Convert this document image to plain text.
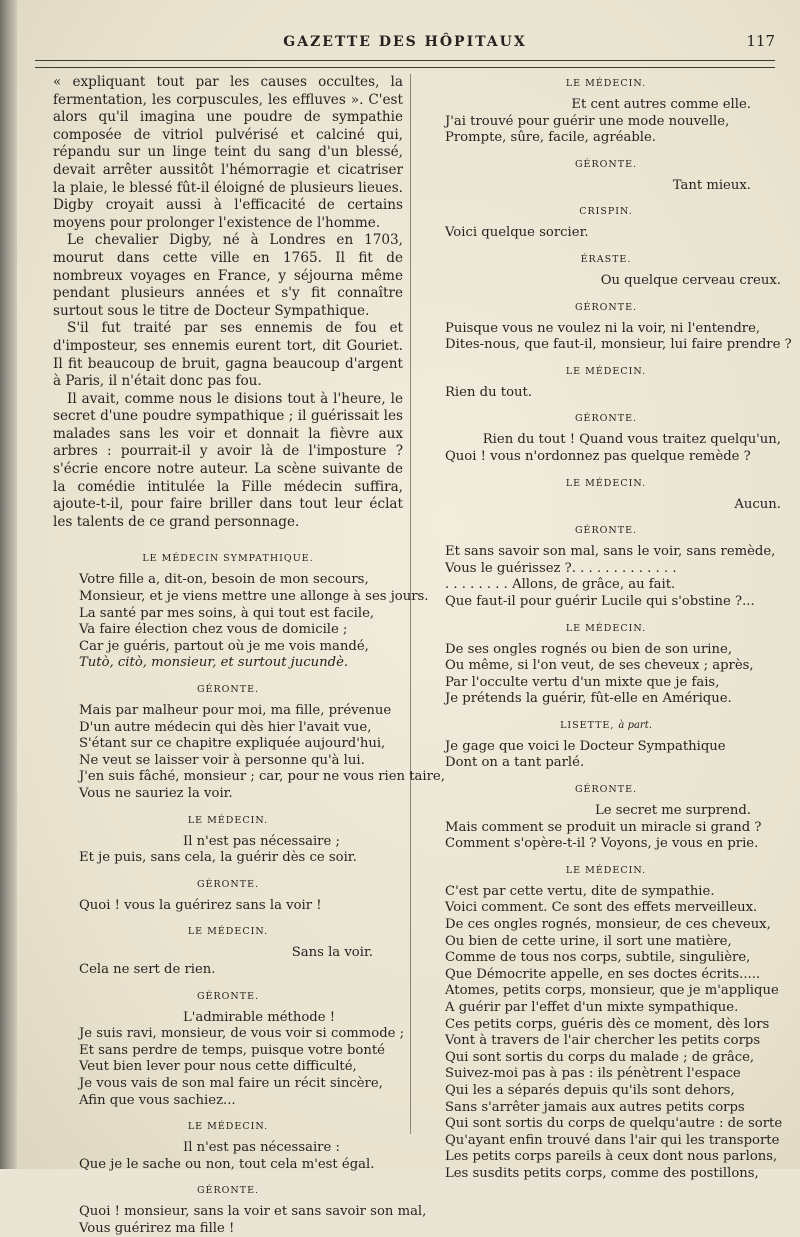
GAZETTE DES HÔPITAUX	117

« expliquant tout par les causes occultes, la fermentation, les corpuscules, les effluves ». C'est alors qu'il imagina une poudre de sympathie composée de vitriol pulvérisé et calciné qui, répandu sur un linge teint du sang d'un blessé, devait arrêter aussitôt l'hémorragie et cicatriser la plaie, le blessé fût-il éloigné de plusieurs lieues. Digby croyait aussi à l'efficacité de certains moyens pour prolonger l'existence de l'homme.

Le chevalier Digby, né à Londres en 1703, mourut dans cette ville en 1765. Il fit de nombreux voyages en France, y séjourna même pendant plusieurs années et s'y fit connaître surtout sous le titre de Docteur Sympathique.

S'il fut traité par ses ennemis de fou et d'imposteur, ses ennemis eurent tort, dit Gouriet. Il fit beaucoup de bruit, gagna beaucoup d'argent à Paris, il n'était donc pas fou.

Il avait, comme nous le disions tout à l'heure, le secret d'une poudre sympathique ; il guérissait les malades sans les voir et donnait la fièvre aux arbres : pourrait-il y avoir là de l'imposture ? s'écrie encore notre auteur. La scène suivante de la comédie intitulée la Fille médecin suffira, ajoute-t-il, pour faire briller dans tout leur éclat les talents de ce grand personnage.

LE MÉDECIN SYMPATHIQUE.
Votre fille a, dit-on, besoin de mon secours,
Monsieur, et je viens mettre une allonge à ses jours.
La santé par mes soins, à qui tout est facile,
Va faire élection chez vous de domicile ;
Car je guéris, partout où je me vois mandé,
Tutò, citò, monsieur, et surtout jucundè.
GÉRONTE.
Mais par malheur pour moi, ma fille, prévenue
D'un autre médecin qui dès hier l'avait vue,
S'étant sur ce chapitre expliquée aujourd'hui,
Ne veut se laisser voir à personne qu'à lui.
J'en suis fâché, monsieur ; car, pour ne vous rien taire,
Vous ne sauriez la voir.
LE MÉDECIN.
Il n'est pas nécessaire ;
Et je puis, sans cela, la guérir dès ce soir.
GÉRONTE.
Quoi ! vous la guérirez sans la voir !
LE MÉDECIN.
Sans la voir.
Cela ne sert de rien.
GÉRONTE.
L'admirable méthode !
Je suis ravi, monsieur, de vous voir si commode ;
Et sans perdre de temps, puisque votre bonté
Veut bien lever pour nous cette difficulté,
Je vous vais de son mal faire un récit sincère,
Afin que vous sachiez...
LE MÉDECIN.
Il n'est pas nécessaire :
Que je le sache ou non, tout cela m'est égal.
GÉRONTE.
Quoi ! monsieur, sans la voir et sans savoir son mal,
Vous guérirez ma fille !
LE MÉDECIN.
Et cent autres comme elle.
J'ai trouvé pour guérir une mode nouvelle,
Prompte, sûre, facile, agréable.
GÉRONTE.
Tant mieux.
CRISPIN.
Voici quelque sorcier.
ÉRASTE.
Ou quelque cerveau creux.
GÉRONTE.
Puisque vous ne voulez ni la voir, ni l'entendre,
Dites-nous, que faut-il, monsieur, lui faire prendre ?
LE MÉDECIN.
Rien du tout.
GÉRONTE.
Rien du tout ! Quand vous traitez quelqu'un,
Quoi ! vous n'ordonnez pas quelque remède ?
LE MÉDECIN.
Aucun.
GÉRONTE.
Et sans savoir son mal, sans le voir, sans remède,
Vous le guérissez ?. . . . . . . . . . . . .
. . . . . . . . Allons, de grâce, au fait.
Que faut-il pour guérir Lucile qui s'obstine ?...
LE MÉDECIN.
De ses ongles rognés ou bien de son urine,
Ou même, si l'on veut, de ses cheveux ; après,
Par l'occulte vertu d'un mixte que je fais,
Je prétends la guérir, fût-elle en Amérique.
LISETTE, à part.
Je gage que voici le Docteur Sympathique
Dont on a tant parlé.
GÉRONTE.
Le secret me surprend.
Mais comment se produit un miracle si grand ?
Comment s'opère-t-il ? Voyons, je vous en prie.
LE MÉDECIN.
C'est par cette vertu, dite de sympathie.
Voici comment. Ce sont des effets merveilleux.
De ces ongles rognés, monsieur, de ces cheveux,
Ou bien de cette urine, il sort une matière,
Comme de tous nos corps, subtile, singulière,
Que Démocrite appelle, en ses doctes écrits.....
Atomes, petits corps, monsieur, que je m'applique
A guérir par l'effet d'un mixte sympathique.
Ces petits corps, guéris dès ce moment, dès lors
Vont à travers de l'air chercher les petits corps
Qui sont sortis du corps du malade ; de grâce,
Suivez-moi pas à pas : ils pénètrent l'espace
Qui les a séparés depuis qu'ils sont dehors,
Sans s'arrêter jamais aux autres petits corps
Qui sont sortis du corps de quelqu'autre : de sorte
Qu'ayant enfin trouvé dans l'air qui les transporte
Les petits corps pareils à ceux dont nous parlons,
Les susdits petits corps, comme des postillons,
